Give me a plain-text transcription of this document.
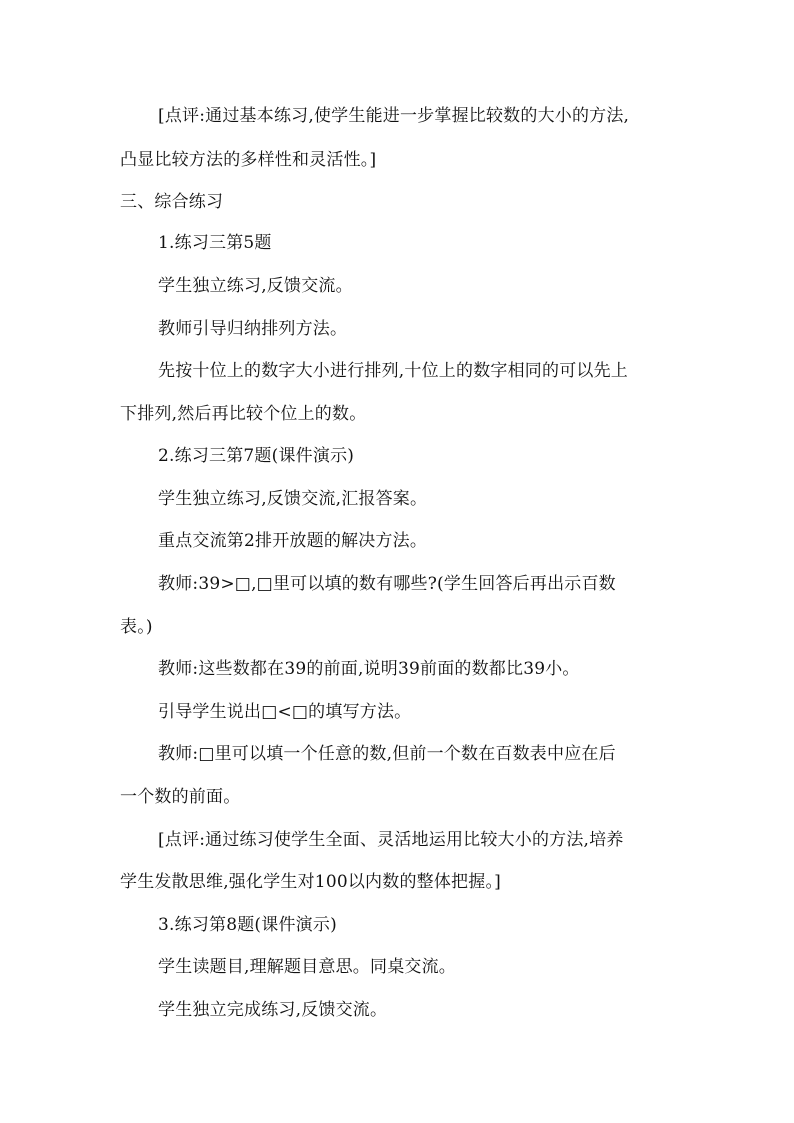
[点评:通过基本练习,使学生能进一步掌握比较数的大小的方法,
凸显比较方法的多样性和灵活性。]
三、综合练习
1.练习三第5题
学生独立练习,反馈交流。
教师引导归纳排列方法。
先按十位上的数字大小进行排列,十位上的数字相同的可以先上
下排列,然后再比较个位上的数。
2.练习三第7题(课件演示)
学生独立练习,反馈交流,汇报答案。
重点交流第2排开放题的解决方法。
教师:39>□,□里可以填的数有哪些?(学生回答后再出示百数
表。)
教师:这些数都在39的前面,说明39前面的数都比39小。
引导学生说出□<□的填写方法。
教师:□里可以填一个任意的数,但前一个数在百数表中应在后
一个数的前面。
[点评:通过练习使学生全面、灵活地运用比较大小的方法,培养
学生发散思维,强化学生对100以内数的整体把握。]
3.练习第8题(课件演示)
学生读题目,理解题目意思。同桌交流。
学生独立完成练习,反馈交流。
